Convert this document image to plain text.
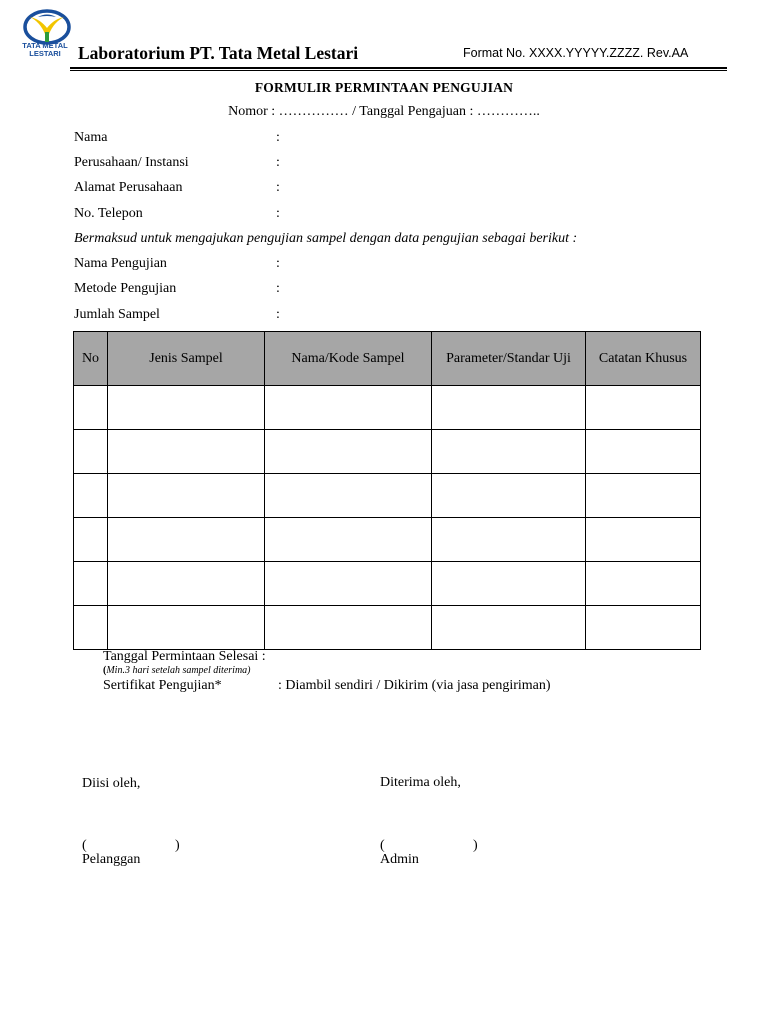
TATA METAL
LESTARI Laboratorium PT. Tata Metal Lestari	Format No. XXXX.YYYYY.ZZZZ. Rev.AA
FORMULIR PERMINTAAN PENGUJIAN
Nomor : …………… / Tanggal Pengajuan : …………..
Nama	:
Perusahaan/ Instansi	:
Alamat Perusahaan	:
No. Telepon	:
Bermaksud untuk mengajukan pengujian sampel dengan data pengujian sebagai berikut :
Nama Pengujian	:
Metode Pengujian	:
Jumlah Sampel	:
No	Jenis Sampel	Nama/Kode Sampel	Parameter/Standar Uji	Catatan Khusus

Tanggal Permintaan Selesai :
(Min.3 hari setelah sampel diterima)
Sertifikat Pengujian*	: Diambil sendiri / Dikirim (via jasa pengiriman)
Diisi oleh,	Diterima oleh,
(	)	(	)
Pelanggan	Admin
